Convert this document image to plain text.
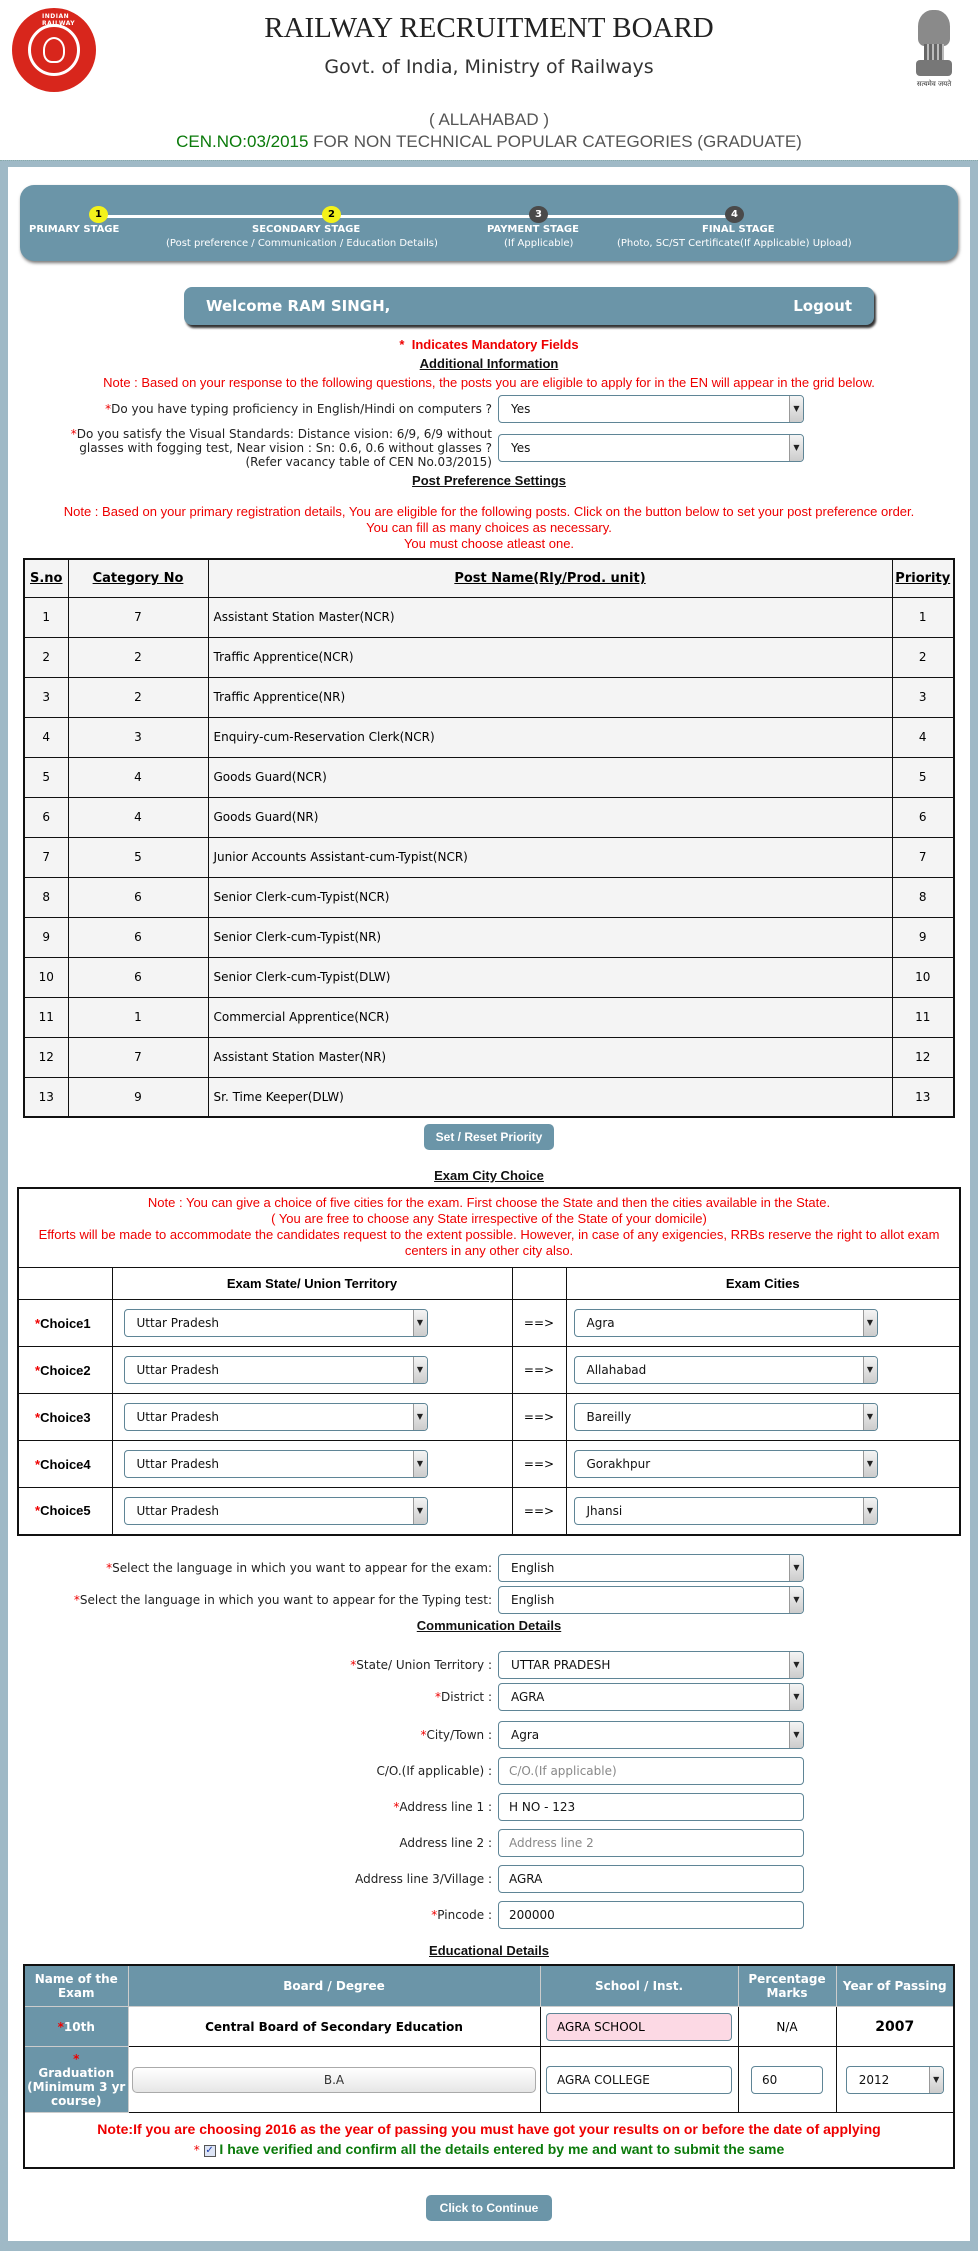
INDIAN RAILWAY	RAILWAY RECRUITMENT BOARD
Govt. of India, Ministry of Railways
सत्यमेव जयते
( ALLAHABAD )
CEN.NO:03/2015 FOR NON TECHNICAL POPULAR CATEGORIES (GRADUATE)
1	2	3	4
PRIMARY STAGE	SECONDARY STAGE
(Post preference / Communication / Education Details)
PAYMENT STAGE
(If Applicable)
FINAL STAGE
(Photo, SC/ST Certificate(If Applicable) Upload)
Welcome RAM SINGH,	Logout
*  Indicates Mandatory Fields
Additional Information
Note : Based on your response to the following questions, the posts you are eligible to apply for in the EN will appear in the grid below.
*Do you have typing proficiency in English/Hindi on computers ?	Yes	▼
*Do you satisfy the Visual Standards: Distance vision: 6/9, 6/9 without
glasses with fogging test, Near vision : Sn: 0.6, 0.6 without glasses ?
(Refer vacancy table of CEN No.03/2015)
Yes	▼
Post Preference Settings
Note : Based on your primary registration details, You are eligible for the following posts. Click on the button below to set your post preference order.
You can fill as many choices as necessary.
You must choose atleast one.
S.no	Category No	Post Name(Rly/Prod. unit)	Priority
1	7	Assistant Station Master(NCR)	1
2	2	Traffic Apprentice(NCR)	2
3	2	Traffic Apprentice(NR)	3
4	3	Enquiry-cum-Reservation Clerk(NCR)	4
5	4	Goods Guard(NCR)	5
6	4	Goods Guard(NR)	6
7	5	Junior Accounts Assistant-cum-Typist(NCR)	7
8	6	Senior Clerk-cum-Typist(NCR)	8
9	6	Senior Clerk-cum-Typist(NR)	9
10	6	Senior Clerk-cum-Typist(DLW)	10
11	1	Commercial Apprentice(NCR)	11
12	7	Assistant Station Master(NR)	12
13	9	Sr. Time Keeper(DLW)	13
Set / Reset Priority
Exam City Choice
Note : You can give a choice of five cities for the exam. First choose the State and then the cities available in the State.
( You are free to choose any State irrespective of the State of your domicile)
Efforts will be made to accommodate the candidates request to the extent possible. However, in case of any exigencies, RRBs reserve the right to allot exam centers in any other city also.			

	Exam State/ Union Territory		Exam Cities
*Choice1	Uttar Pradesh ▼	==>	Agra ▼

*Choice2	Uttar Pradesh ▼	==>	Allahabad ▼

*Choice3	Uttar Pradesh ▼	==>	Bareilly ▼

*Choice4	Uttar Pradesh ▼	==>	Gorakhpur ▼

*Choice5	Uttar Pradesh ▼	==>	Jhansi ▼
*Select the language in which you want to appear for the exam:	English	▼
*Select the language in which you want to appear for the Typing test:	English	▼
Communication Details
*State/ Union Territory :	UTTAR PRADESH	▼
*District :	AGRA	▼
*City/Town :	Agra	▼
C/O.(If applicable) :	C/O.(If applicable)
*Address line 1 :	H NO - 123
Address line 2 :	Address line 2
Address line 3/Village :	AGRA
*Pincode :	200000
Educational Details
Name of the Exam	Board / Degree	School / Inst.	Percentage Marks	Year of Passing
*10th	Central Board of Secondary Education	AGRA SCHOOL	N/A	2007

*
Graduation (Minimum 3 yr course)	B.A	AGRA COLLEGE	60	2012 ▼

Note:If you are choosing 2016 as the year of passing you must have got your results on or before the date of applying
* ✓ I have verified and confirm all the details entered by me and want to submit the same				
Click to Continue
